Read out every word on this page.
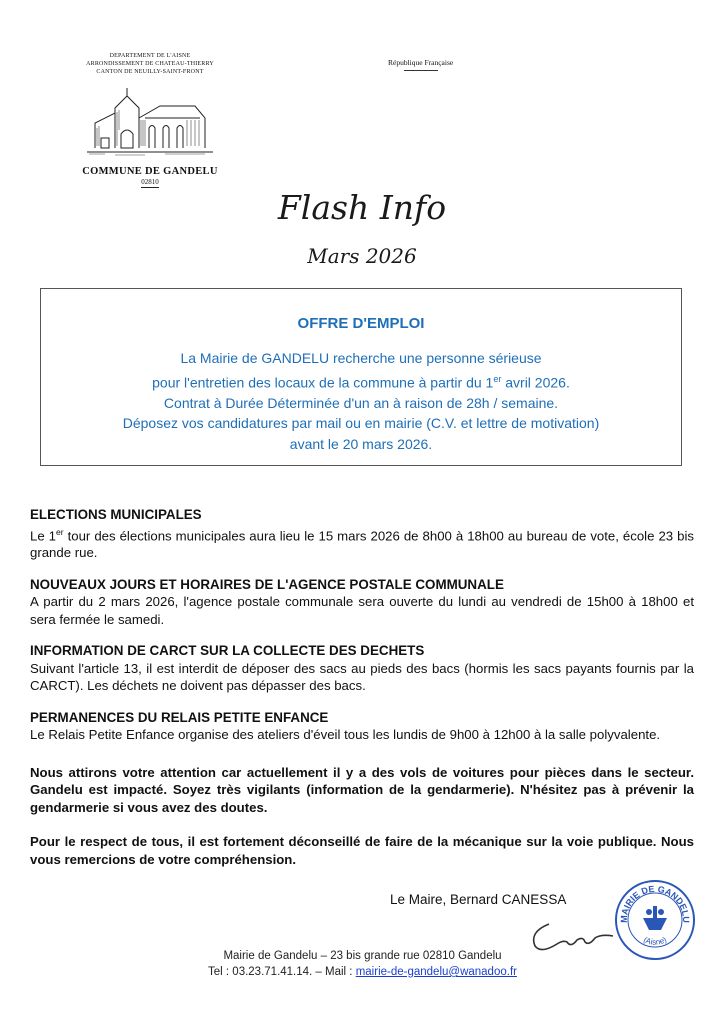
DEPARTEMENT DE L'AISNE
ARRONDISSEMENT DE CHATEAU-THIERRY
CANTON DE NEUILLY-SAINT-FRONT
COMMUNE DE GANDELU
02810
République Française
Flash Info
Mars 2026
OFFRE D'EMPLOI
La Mairie de GANDELU recherche une personne sérieuse
pour l'entretien des locaux de la commune à partir du 1er avril 2026.
Contrat à Durée Déterminée d'un an à raison de 28h / semaine.
Déposez vos candidatures par mail ou en mairie (C.V. et lettre de motivation)
avant le 20 mars 2026.
ELECTIONS MUNICIPALES

Le 1er tour des élections municipales aura lieu le 15 mars 2026 de 8h00 à 18h00 au bureau de vote, école 23 bis grande rue.

NOUVEAUX JOURS ET HORAIRES DE L'AGENCE POSTALE COMMUNALE

A partir du 2 mars 2026, l'agence postale communale sera ouverte du lundi au vendredi de 15h00 à 18h00 et sera fermée le samedi.

INFORMATION DE CARCT SUR LA COLLECTE DES DECHETS

Suivant l'article 13, il est interdit de déposer des sacs au pieds des bacs (hormis les sacs payants fournis par la CARCT). Les déchets ne doivent pas dépasser des bacs.

PERMANENCES DU RELAIS PETITE ENFANCE

Le Relais Petite Enfance organise des ateliers d'éveil tous les lundis de 9h00 à 12h00 à la salle polyvalente.

Nous attirons votre attention car actuellement il y a des vols de voitures pour pièces dans le secteur. Gandelu est impacté. Soyez très vigilants (information de la gendarmerie). N'hésitez pas à prévenir la gendarmerie si vous avez des doutes.

Pour le respect de tous, il est fortement déconseillé de faire de la mécanique sur la voie publique. Nous vous remercions de votre compréhension.

Le Maire, Bernard CANESSA
MAIRIE DE GANDELU
(Aisne)
Mairie de Gandelu – 23 bis grande rue 02810 Gandelu
Tel : 03.23.71.41.14. – Mail : mairie-de-gandelu@wanadoo.fr
